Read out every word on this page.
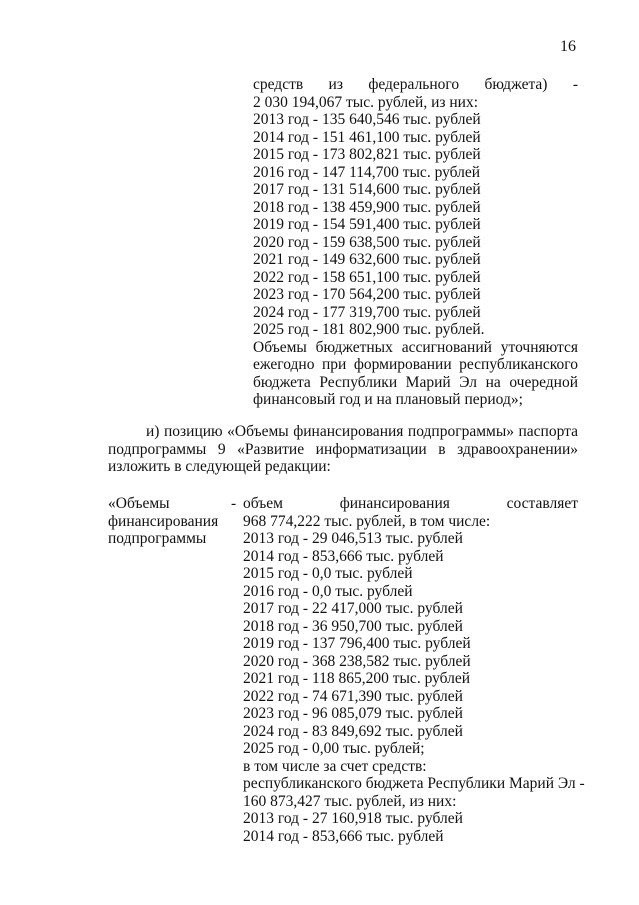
16
средств из федерального бюджета) -
2 030 194,067 тыс. рублей, из них:
2013 год - 135 640,546 тыс. рублей
2014 год - 151 461,100 тыс. рублей
2015 год - 173 802,821 тыс. рублей
2016 год - 147 114,700 тыс. рублей
2017 год - 131 514,600 тыс. рублей
2018 год - 138 459,900 тыс. рублей
2019 год - 154 591,400 тыс. рублей
2020 год - 159 638,500 тыс. рублей
2021 год - 149 632,600 тыс. рублей
2022 год - 158 651,100 тыс. рублей
2023 год - 170 564,200 тыс. рублей
2024 год - 177 319,700 тыс. рублей
2025 год - 181 802,900 тыс. рублей.
Объемы бюджетных ассигнований уточняются ежегодно при формировании республиканского бюджета Республики Марий Эл на очередной финансовый год и на плановый период»;
и) позицию «Объемы финансирования подпрограммы» паспорта подпрограммы 9 «Развитие информатизации в здравоохранении» изложить в следующей редакции:
«Объемы
финансирования
подпрограммы
- объем финансирования составляет
968 774,222 тыс. рублей, в том числе:
2013 год - 29 046,513 тыс. рублей
2014 год - 853,666 тыс. рублей
2015 год - 0,0 тыс. рублей
2016 год - 0,0 тыс. рублей
2017 год - 22 417,000 тыс. рублей
2018 год - 36 950,700 тыс. рублей
2019 год - 137 796,400 тыс. рублей
2020 год - 368 238,582 тыс. рублей
2021 год - 118 865,200 тыс. рублей
2022 год - 74 671,390 тыс. рублей
2023 год - 96 085,079 тыс. рублей
2024 год - 83 849,692 тыс. рублей
2025 год - 0,00 тыс. рублей;
в том числе за счет средств:
республиканского бюджета Республики Марий Эл -
160 873,427 тыс. рублей, из них:
2013 год - 27 160,918 тыс. рублей
2014 год - 853,666 тыс. рублей
